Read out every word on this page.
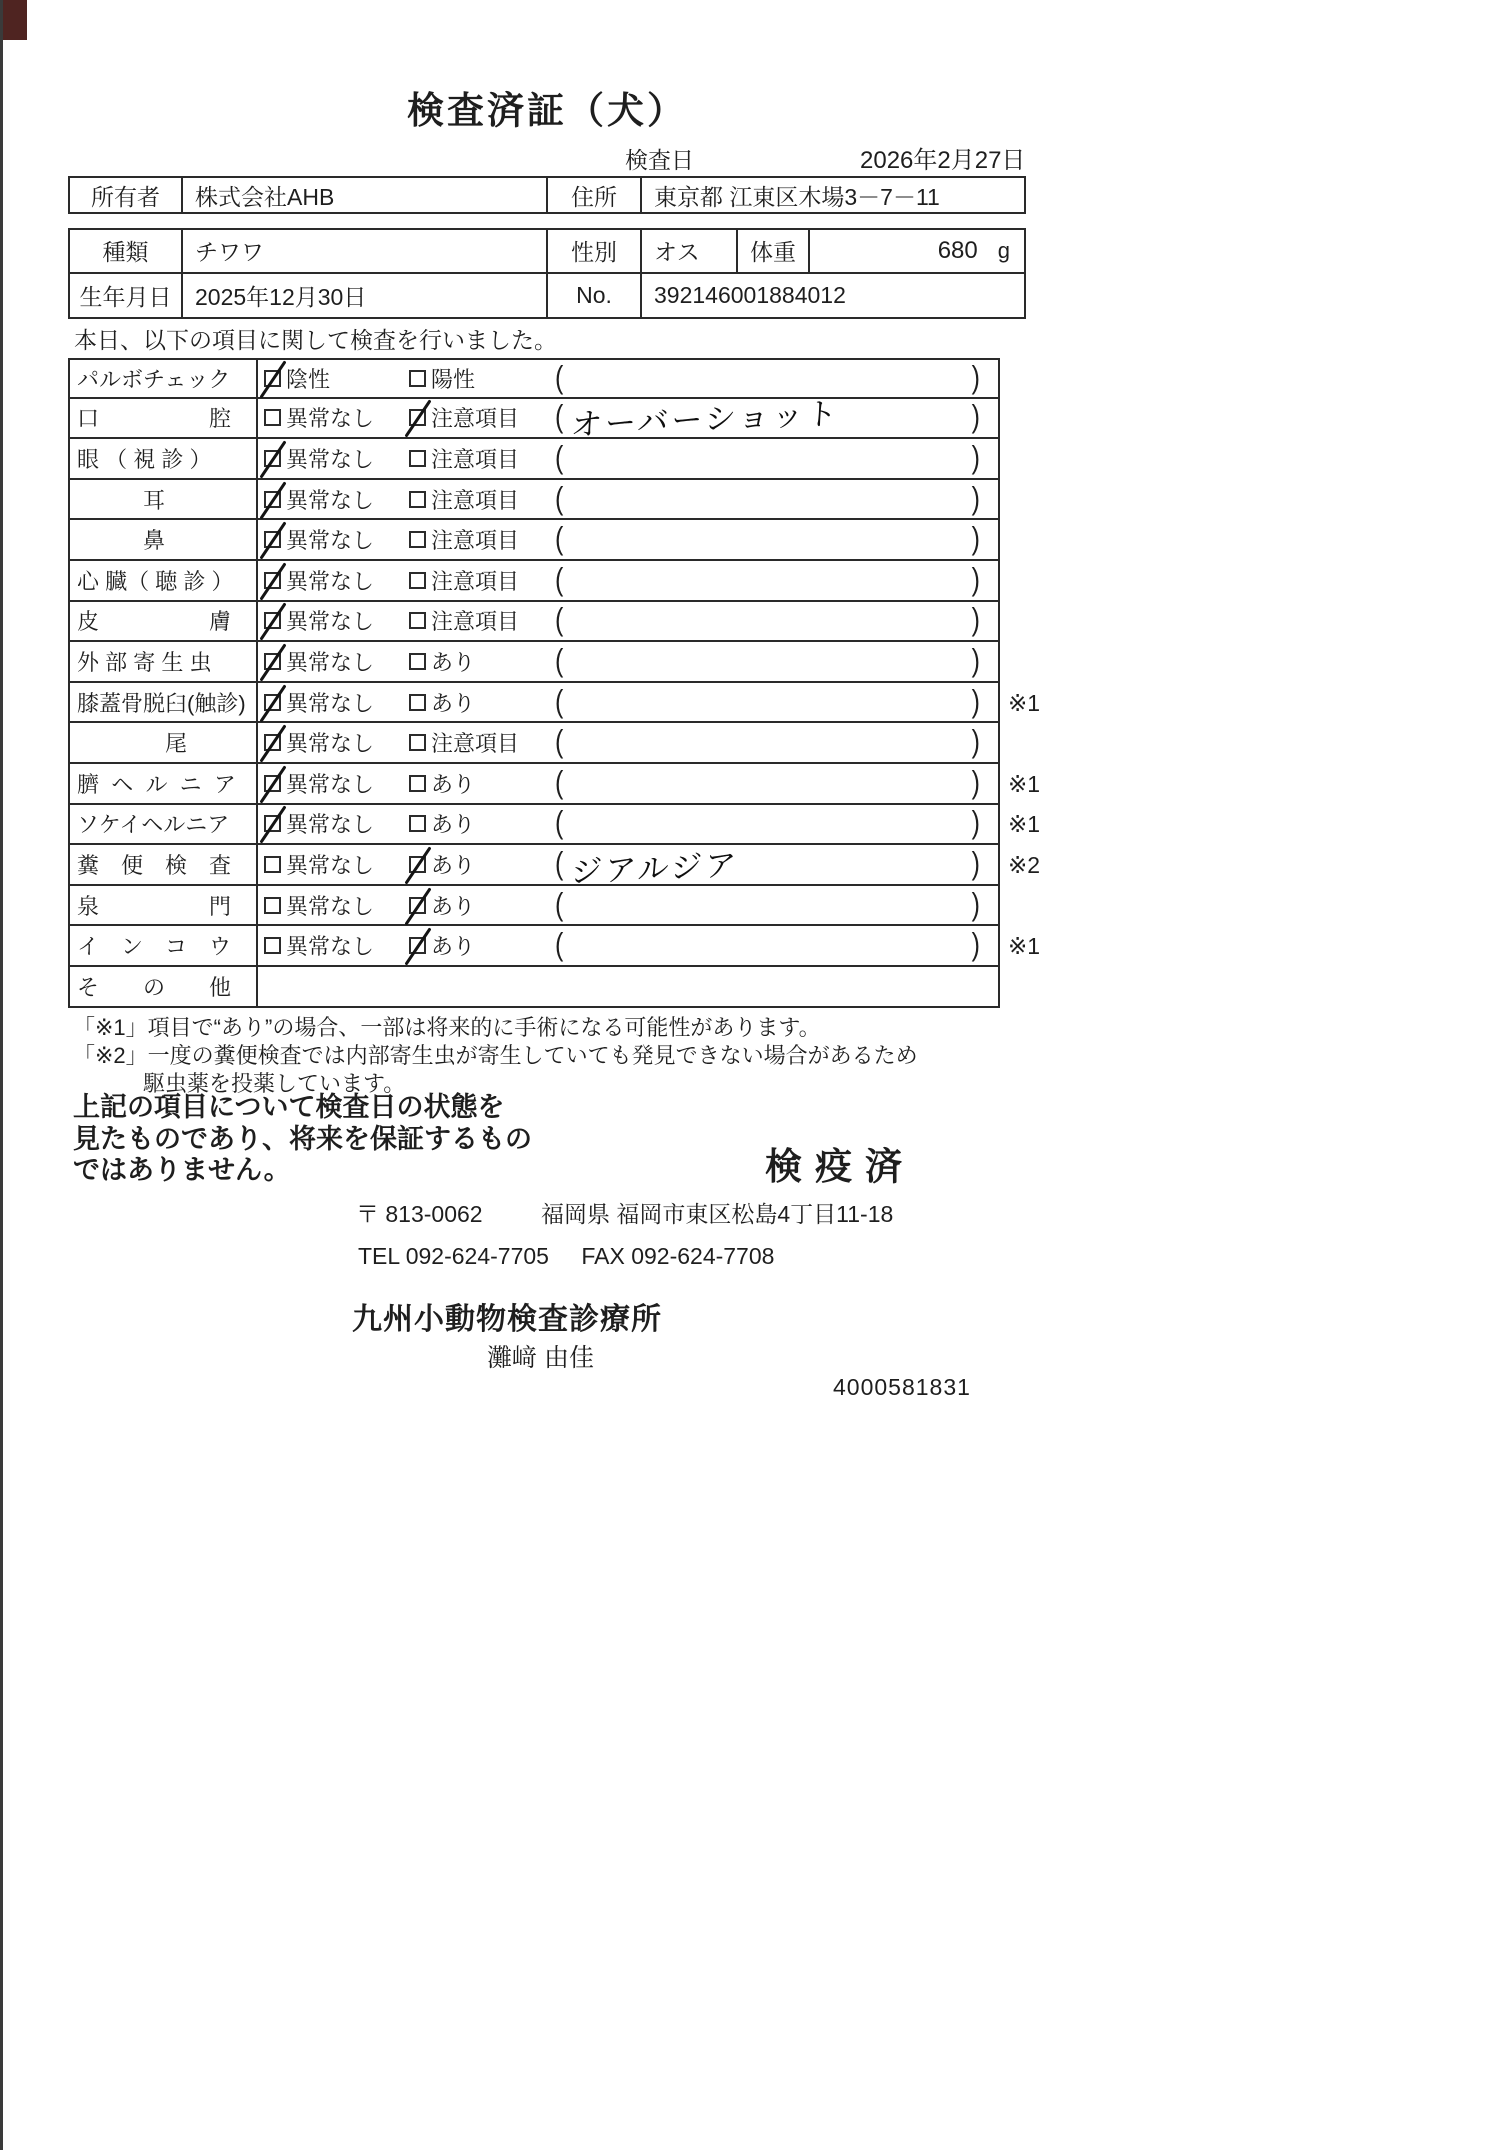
検査済証（犬）
検査日	2026年2月27日
所有者	株式会社AHB	住所	東京都 江東区木場3－7－11
種類	チワワ	性別	オス	体重	680 g
生年月日	2025年12月30日	No.	392146001884012
本日、以下の項目に関して検査を行いました。
パルボチェック	陰性	陽性	(	)
口　　　　　腔	異常なし	注意項目 ( オーバーショット	)
眼 （ 視 診 ）	異常なし	注意項目 (	)
　　　耳	異常なし	注意項目 (	)
　　　鼻	異常なし	注意項目 (	)
心 臓（ 聴 診 ）	異常なし	注意項目 (	)
皮　　　　　膚	異常なし	注意項目 (	)
外 部 寄 生 虫	異常なし	あり	(	)
膝蓋骨脱臼(触診)	異常なし	あり	(	)	※1
　　　　尾	異常なし	注意項目 (	)
臍  ヘ  ル  ニ  ア	異常なし	あり	(	)	※1
ソケイヘルニア	異常なし	あり	(	)	※1
糞　便　検　査	異常なし	あり	( ジアルジア	)	※2
泉　　　　　門	異常なし	あり	(	)
イ　ン　コ　ウ	異常なし	あり	(	)	※1
そ　　の　　他
「※1」項目で“あり”の場合、一部は将来的に手術になる可能性があります。
「※2」一度の糞便検査では内部寄生虫が寄生していても発見できない場合があるため
駆虫薬を投薬しています。
上記の項目について検査日の状態を
見たものであり、将来を保証するもの
ではありません。	検疫済
〒 813-0062	福岡県 福岡市東区松島4丁目11-18
TEL 092-624-7705 FAX 092-624-7708
九州小動物検査診療所
灘﨑 由佳
4000581831
